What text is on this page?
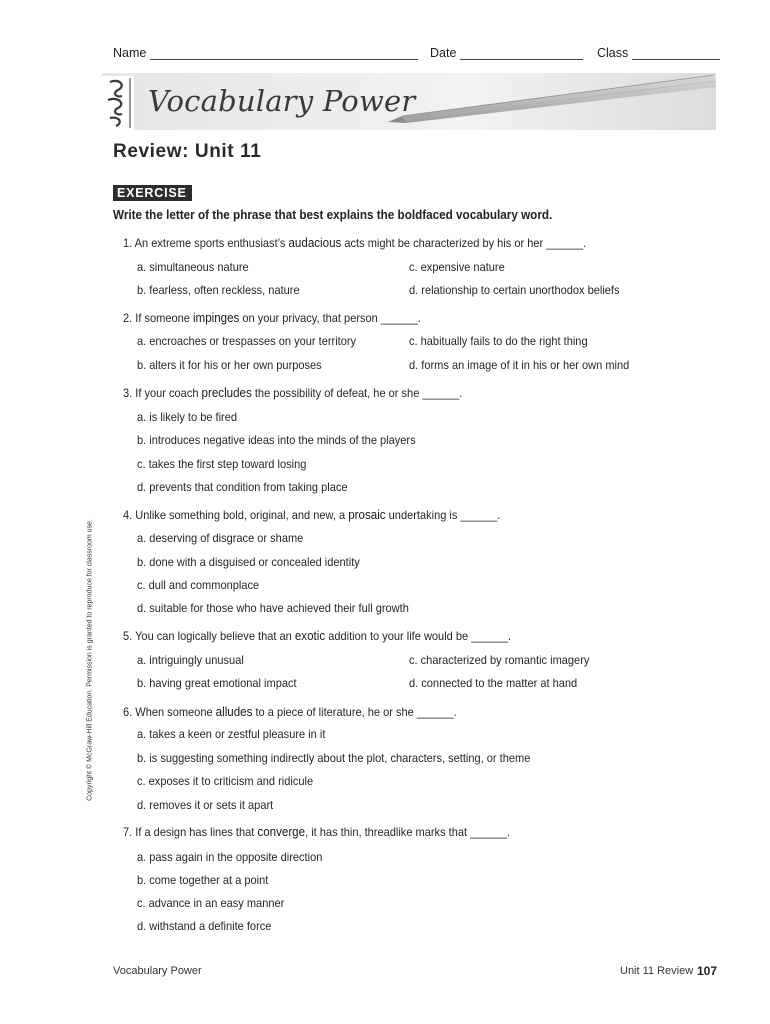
Name	Date	Class
Vocabulary Power
Review: Unit 11
EXERCISE
Write the letter of the phrase that best explains the boldfaced vocabulary word.
1. An extreme sports enthusiast’s audacious acts might be characterized by his or her ______.
a. simultaneous nature
b. fearless, often reckless, nature
c. expensive nature
d. relationship to certain unorthodox beliefs
2. If someone impinges on your privacy, that person ______.
a. encroaches or trespasses on your territory
b. alters it for his or her own purposes
c. habitually fails to do the right thing
d. forms an image of it in his or her own mind
3. If your coach precludes the possibility of defeat, he or she ______.
a. is likely to be fired
b. introduces negative ideas into the minds of the players
c. takes the first step toward losing
d. prevents that condition from taking place
4. Unlike something bold, original, and new, a prosaic undertaking is ______.
a. deserving of disgrace or shame
b. done with a disguised or concealed identity
c. dull and commonplace
d. suitable for those who have achieved their full growth
5. You can logically believe that an exotic addition to your life would be ______.
a. intriguingly unusual
b. having great emotional impact
c. characterized by romantic imagery
d. connected to the matter at hand
6. When someone alludes to a piece of literature, he or she ______.
a. takes a keen or zestful pleasure in it
b. is suggesting something indirectly about the plot, characters, setting, or theme
c. exposes it to criticism and ridicule
d. removes it or sets it apart
7. If a design has lines that converge, it has thin, threadlike marks that ______.
a. pass again in the opposite direction
b. come together at a point
c. advance in an easy manner
d. withstand a definite force
Copyright © McGraw-Hill Education. Permission is granted to reproduce for classroom use.
Vocabulary Power	Unit 11 Review 107
